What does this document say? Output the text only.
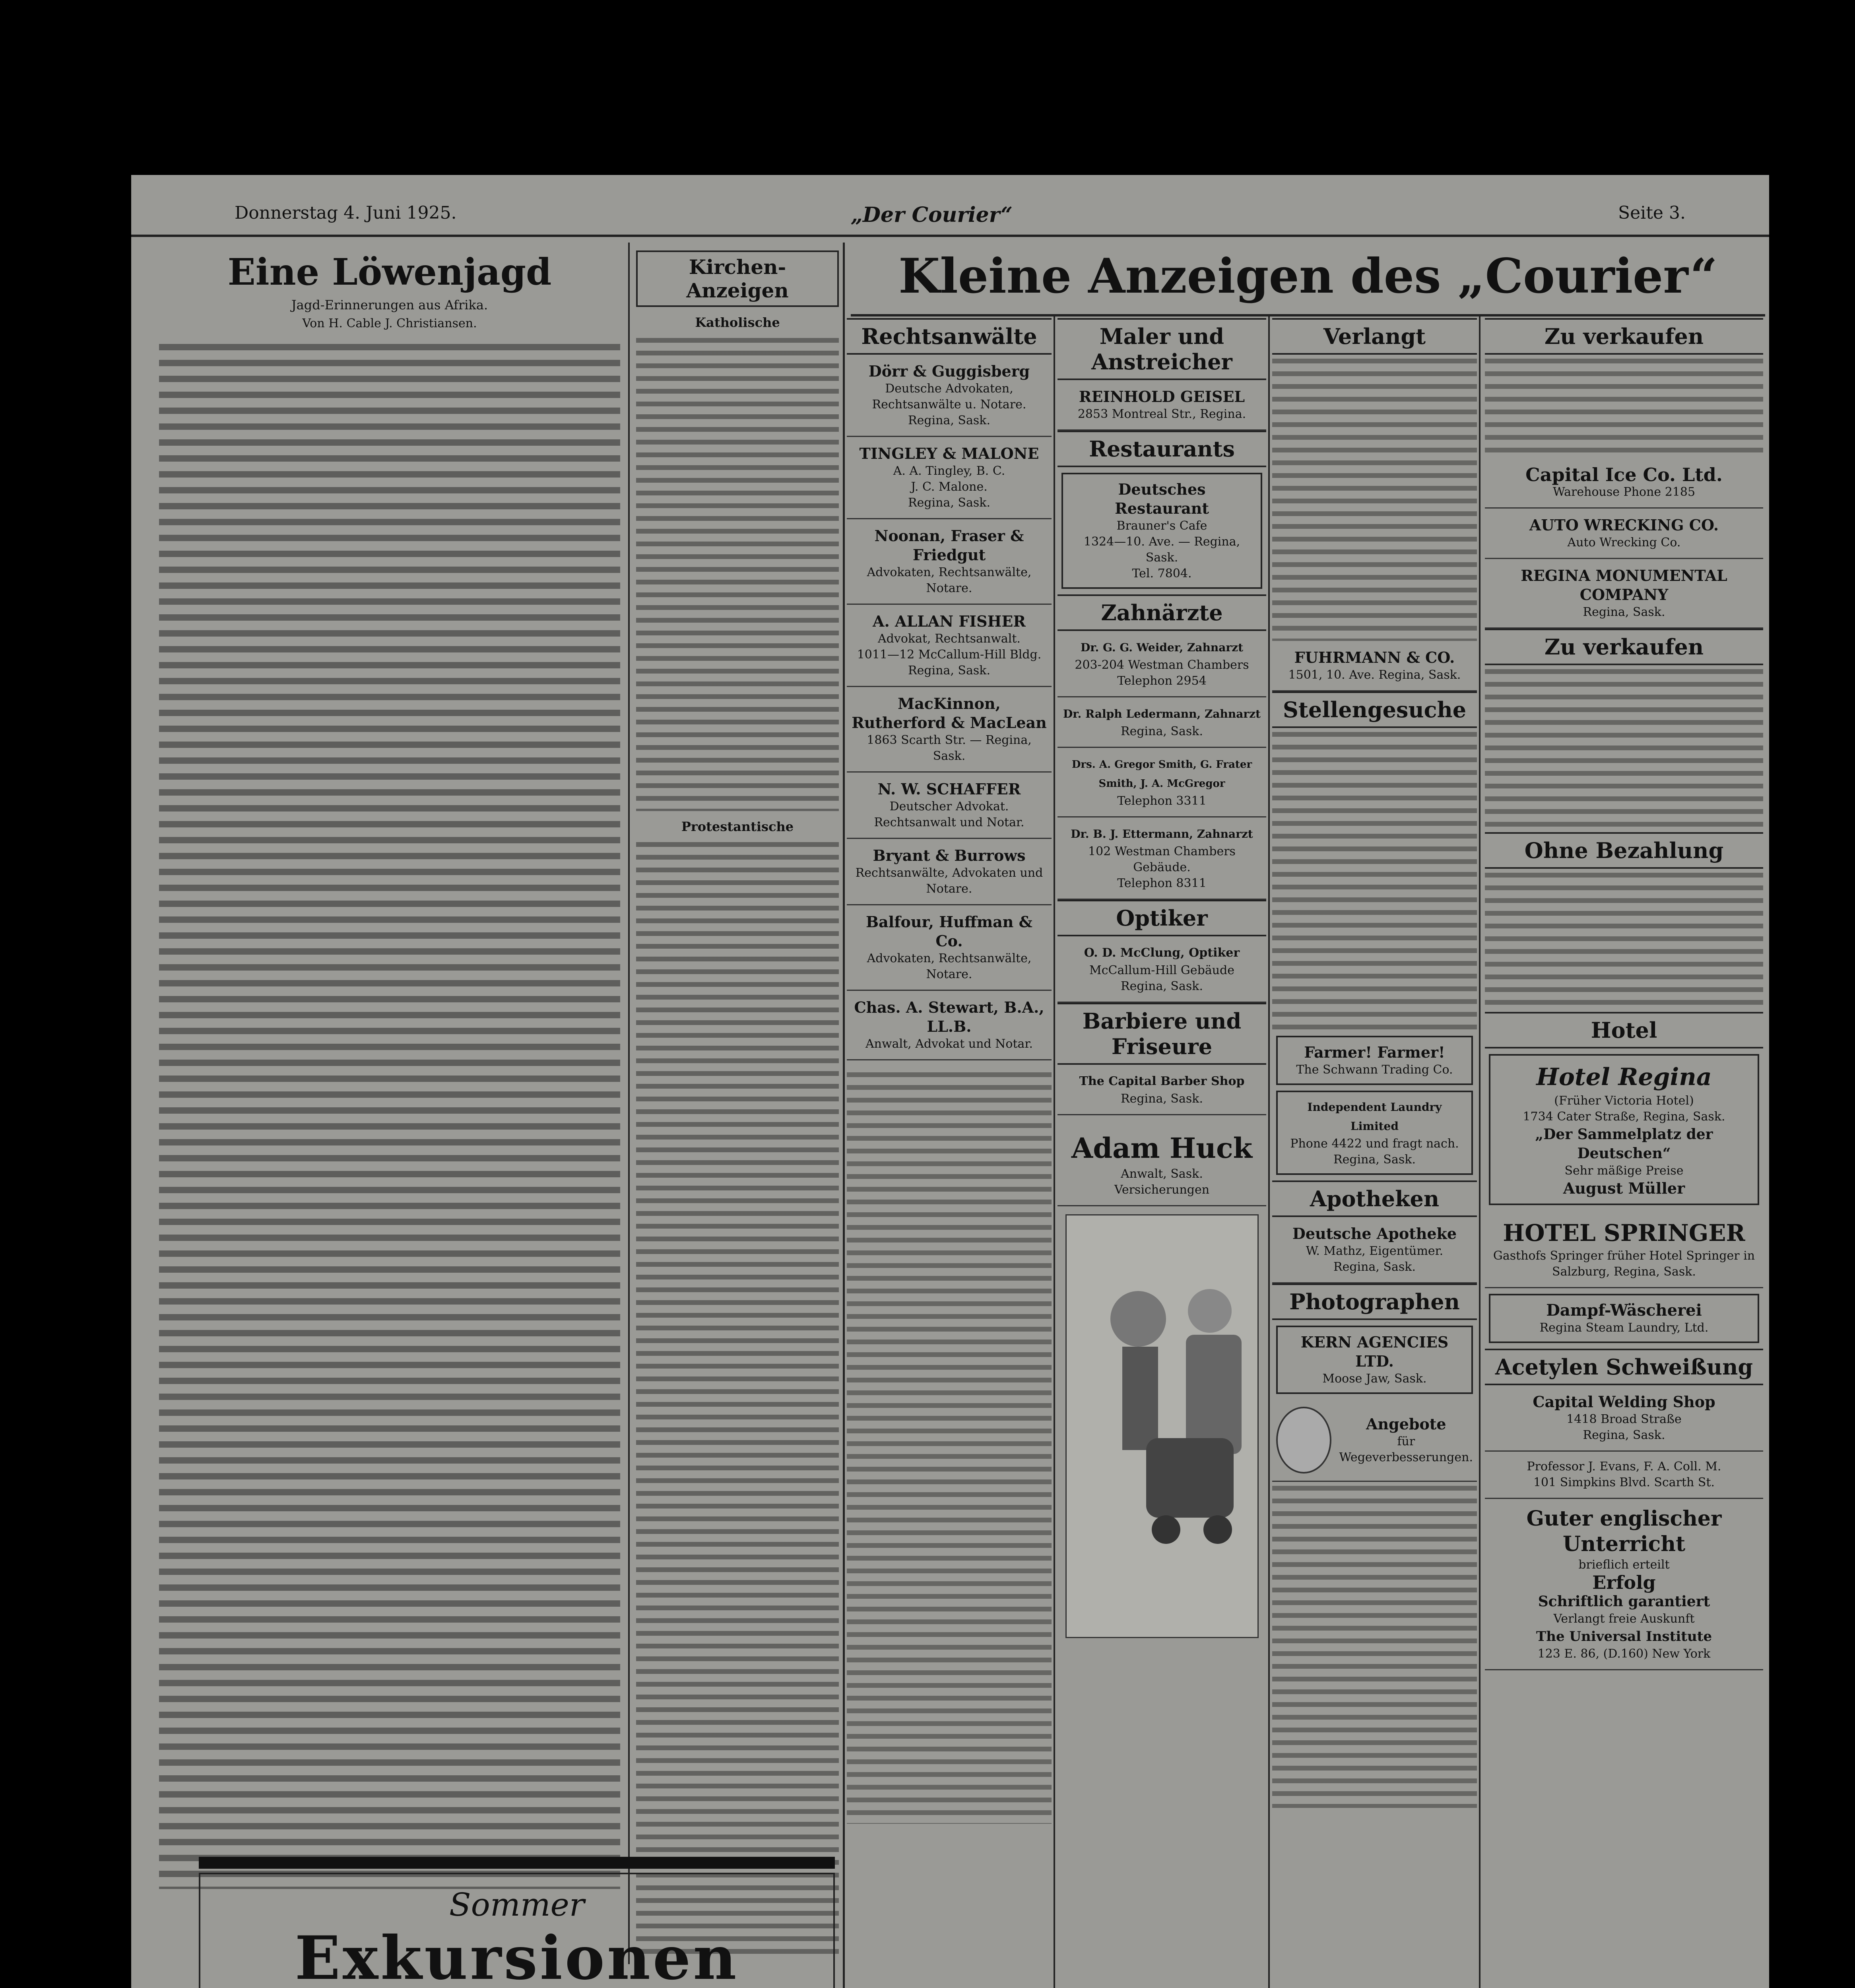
Donnerstag 4. Juni 1925.	„Der Courier“	Seite 3.
Eine Löwenjagd

Jagd-Erinnerungen aus Afrika.

Von H. Cable J. Christiansen.

Kirchen-Anzeigen

Katholische

Protestantische

Sommer

Exkursionen

Kleine Anzeigen des „Courier“

Rechtsanwälte

Dörr & Guggisberg
Deutsche Advokaten, Rechtsanwälte u. Notare.
Regina, Sask.
TINGLEY & MALONE
A. A. Tingley, B. C.
J. C. Malone.
Regina, Sask.
Noonan, Fraser & Friedgut
Advokaten, Rechtsanwälte, Notare.
A. ALLAN FISHER
Advokat, Rechtsanwalt.
1011—12 McCallum-Hill Bldg. Regina, Sask.
MacKinnon, Rutherford & MacLean
1863 Scarth Str. — Regina, Sask.
N. W. SCHAFFER
Deutscher Advokat.
Rechtsanwalt und Notar.
Bryant & Burrows
Rechtsanwälte, Advokaten und Notare.
Balfour, Huffman & Co.
Advokaten, Rechtsanwälte, Notare.
Chas. A. Stewart, B.A., LL.B.
Anwalt, Advokat und Notar.

Maler und Anstreicher

REINHOLD GEISEL
2853 Montreal Str., Regina.

Restaurants

Deutsches Restaurant
Brauner's Cafe
1324—10. Ave. — Regina, Sask.
Tel. 7804.

Zahnärzte

Dr. G. G. Weider, Zahnarzt
203-204 Westman Chambers
Telephon 2954
Dr. Ralph Ledermann, Zahnarzt
Regina, Sask.
Drs. A. Gregor Smith, G. Frater Smith, J. A. McGregor
Telephon 3311
Dr. B. J. Ettermann, Zahnarzt
102 Westman Chambers Gebäude.
Telephon 8311

Optiker

O. D. McClung, Optiker
McCallum-Hill Gebäude
Regina, Sask.

Barbiere und Friseure

The Capital Barber Shop
Regina, Sask.
Adam Huck
Anwalt, Sask.
Versicherungen

Verlangt

FUHRMANN & CO.
1501, 10. Ave. Regina, Sask.

Stellengesuche

Farmer! Farmer!
The Schwann Trading Co.
Independent Laundry Limited
Phone 4422 und fragt nach.
Regina, Sask.

Apotheken

Deutsche Apotheke
W. Mathz, Eigentümer.
Regina, Sask.

Photographen

KERN AGENCIES LTD.
Moose Jaw, Sask.
Angebote
für
Wegeverbesserungen.

Zu verkaufen

Capital Ice Co. Ltd.
Warehouse Phone 2185
AUTO WRECKING CO.
Auto Wrecking Co.
REGINA MONUMENTAL COMPANY
Regina, Sask.

Zu verkaufen

Ohne Bezahlung

Hotel

Hotel Regina
(Früher Victoria Hotel)
1734 Cater Straße, Regina, Sask.

„Der Sammelplatz der Deutschen“
Sehr mäßige Preise

August Müller
HOTEL SPRINGER
Gasthofs Springer früher Hotel Springer in Salzburg, Regina, Sask.
Dampf-Wäscherei
Regina Steam Laundry, Ltd.

Acetylen Schweißung

Capital Welding Shop
1418 Broad Straße
Regina, Sask.
Professor J. Evans, F. A. Coll. M.
101 Simpkins Blvd. Scarth St.
Guter englischer Unterricht
brieflich erteilt

Erfolg
Schriftlich garantiert
Verlangt freie Auskunft

The Universal Institute
123 E. 86, (D.160) New York
